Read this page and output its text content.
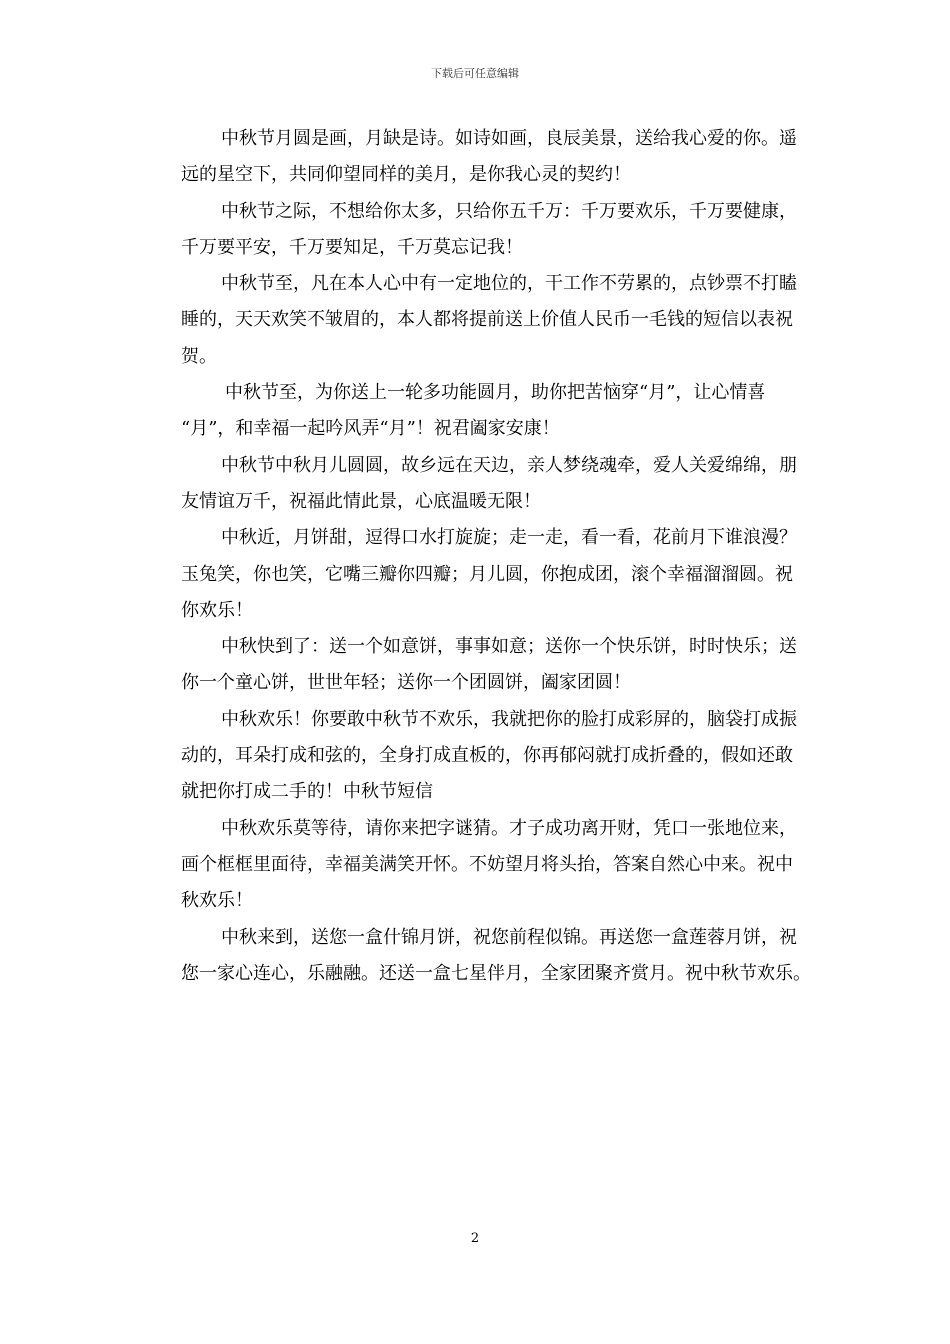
下载后可任意编辑
中秋节月圆是画，月缺是诗。如诗如画，良辰美景，送给我心爱的你。遥
远的星空下，共同仰望同样的美月，是你我心灵的契约！
中秋节之际，不想给你太多，只给你五千万：千万要欢乐，千万要健康，
千万要平安，千万要知足，千万莫忘记我！
中秋节至，凡在本人心中有一定地位的，干工作不劳累的，点钞票不打瞌
睡的，天天欢笑不皱眉的，本人都将提前送上价值人民币一毛钱的短信以表祝
贺。
中秋节至，为你送上一轮多功能圆月，助你把苦恼穿“月”，让心情喜
“月”，和幸福一起吟风弄“月”！祝君阖家安康！
中秋节中秋月儿圆圆，故乡远在天边，亲人梦绕魂牵，爱人关爱绵绵，朋
友情谊万千，祝福此情此景，心底温暖无限！
中秋近，月饼甜，逗得口水打旋旋；走一走，看一看，花前月下谁浪漫？
玉兔笑，你也笑，它嘴三瓣你四瓣；月儿圆，你抱成团，滚个幸福溜溜圆。祝
你欢乐！
中秋快到了：送一个如意饼，事事如意；送你一个快乐饼，时时快乐；送
你一个童心饼，世世年轻；送你一个团圆饼，阖家团圆！
中秋欢乐！你要敢中秋节不欢乐，我就把你的脸打成彩屏的，脑袋打成振
动的，耳朵打成和弦的，全身打成直板的，你再郁闷就打成折叠的，假如还敢
就把你打成二手的！中秋节短信
中秋欢乐莫等待，请你来把字谜猜。才子成功离开财，凭口一张地位来，
画个框框里面待，幸福美满笑开怀。不妨望月将头抬，答案自然心中来。祝中
秋欢乐！
中秋来到，送您一盒什锦月饼，祝您前程似锦。再送您一盒莲蓉月饼，祝
您一家心连心，乐融融。还送一盒七星伴月，全家团聚齐赏月。祝中秋节欢乐。
2
